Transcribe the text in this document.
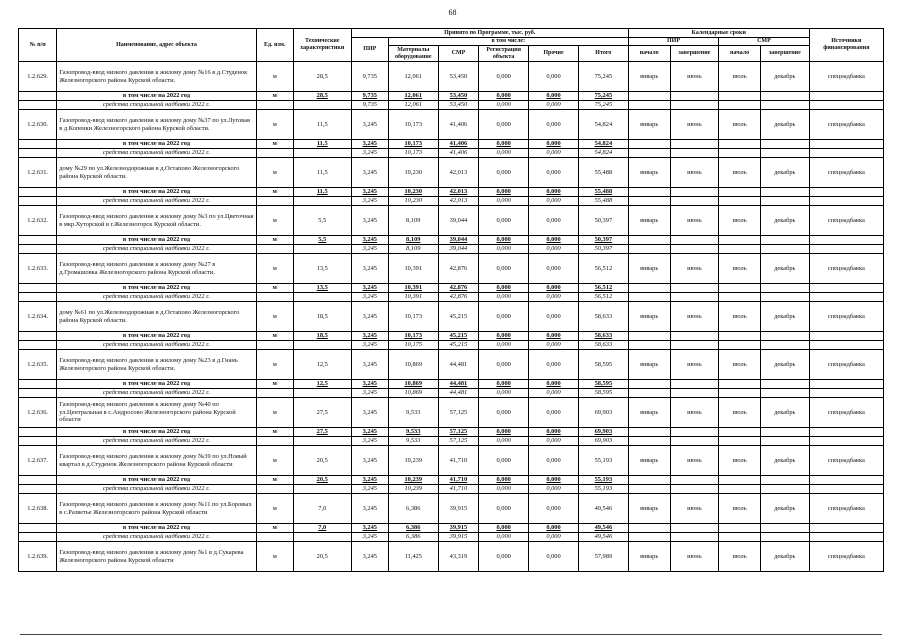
68
№ п/п	Наименование, адрес объекта	Ед. изм.	Технические характеристики	Принято по Программе, тыс. руб.						Календарные сроки				Источники финансирования
				ПИР	в том числе:					ПИР		СМР		
					Материалы оборудование	СМР	Регистрация объекта	Прочие	Итого	начало	завершение	начало	завершение	
1.2.629.	Газопровод-ввод низкого давления к жилому дому №16 в д.Студенок Железногорского района Курской области.	м	28,5	9,735	12,061	53,450	0,000	0,000	75,245	январь	июнь	июль	декабрь	спецнадбавка
	в том числе на 2022 год	м	28,5	9,735	12,061	53,450	0,000	0,000	75,245					
	средства специальной надбавки 2022 г.			9,735	12,061	53,450	0,000	0,000	75,245					
1.2.630.	Газопровод-ввод низкого давления к жилому дому №37 по ул.Луговая в д.Копенки Железногорского района Курской области.	м	11,5	3,245	10,173	41,406	0,000	0,000	54,824	январь	июнь	июль	декабрь	спецнадбавка
	в том числе на 2022 год	м	11,5	3,245	10,173	41,406	0,000	0,000	54,824					
	средства специальной надбавки 2022 г.			3,245	10,173	41,406	0,000	0,000	54,824					
1.2.631.	дому №29 по ул.Железнодорожная в д.Остапово Железногорского района Курской области.	м	11,5	3,245	10,230	42,013	0,000	0,000	55,488	январь	июнь	июль	декабрь	спецнадбавка
	в том числе на 2022 год	м	11,5	3,245	10,230	42,013	0,000	0,000	55,488					
	средства специальной надбавки 2022 г.			3,245	10,230	42,013	0,000	0,000	55,488					
1.2.632.	Газопровод-ввод низкого давления к жилому дому №3 по ул.Цветочная в мкр.Хуторской в г.Железногорск Курской области.	м	5,5	3,245	8,109	39,044	0,000	0,000	50,397	январь	июнь	июль	декабрь	спецнадбавка
	в том числе на 2022 год	м	5,5	3,245	8,109	39,044	0,000	0,000	50,397					
	средства специальной надбавки 2022 г.			3,245	8,109	39,044	0,000	0,000	50,397					
1.2.633.	Газопровод-ввод низкого давления к жилому дому №27 в д.Громашовка Железногорского района Курской области.	м	13,5	3,245	10,391	42,876	0,000	0,000	56,512	январь	июнь	июль	декабрь	спецнадбавка
	в том числе на 2022 год	м	13,5	3,245	10,391	42,876	0,000	0,000	56,512					
	средства специальной надбавки 2022 г.			3,245	10,391	42,876	0,000	0,000	56,512					
1.2.634.	дому №61 по ул.Железнодорожная в д.Остапово Железногорского района Курской области.	м	18,5	3,245	10,173	45,215	0,000	0,000	58,633	январь	июнь	июль	декабрь	спецнадбавка
	в том числе на 2022 год	м	18,5	3,245	10,173	45,215	0,000	0,000	58,633					
	средства специальной надбавки 2022 г.			3,245	10,175	45,215	0,000	0,000	58,633					
1.2.635.	Газопровод-ввод низкого давления к жилому дому №23 в д.Гнань Железногорского района Курской области.	м	12,5	3,245	10,869	44,481	0,000	0,000	58,595	январь	июнь	июль	декабрь	спецнадбавка
	в том числе на 2022 год	м	12,5	3,245	10,869	44,481	0,000	0,000	58,595					
	средства специальной надбавки 2022 г.			3,245	10,869	44,481	0,000	0,000	58,595					
1.2.636.	Газопровод-ввод низкого давления к жилому дому №40 по ул.Центральная в с.Андросово Железногорского района Курской области	м	27,5	3,245	9,533	57,125	0,000	0,000	69,903	январь	июнь	июль	декабрь	спецнадбавка
	в том числе на 2022 год	м	27,5	3,245	9,533	57,125	0,000	0,000	69,903					
	средства специальной надбавки 2022 г.			3,245	9,533	57,125	0,000	0,000	69,903					
1.2.637.	Газопровод-ввод низкого давления к жилому дому №39 по ул.Новый квартал в д.Студенок Железногорского района Курской области	м	20,5	3,245	10,239	41,710	0,000	0,000	55,193	январь	июнь	июль	декабрь	спецнадбавка
	в том числе на 2022 год	м	20,5	3,245	10,239	41,710	0,000	0,000	55,193					
	средства специальной надбавки 2022 г.			3,245	10,239	41,710	0,000	0,000	55,193					
1.2.638.	Газопровод-ввод низкого давления к жилому дому №11 по ул.Боровых в с.Разветье Железногорского района Курской области	м	7,0	3,245	6,386	39,915	0,000	0,000	49,546	январь	июнь	июль	декабрь	спецнадбавка
	в том числе на 2022 год	м	7,0	3,245	6,386	39,915	0,000	0,000	49,546					
	средства специальной надбавки 2022 г.			3,245	6,386	39,915	0,000	0,000	49,546					
1.2.639.	Газопровод-ввод низкого давления к жилому дому №1 в д.Сукарева Железногорского района Курской области	м	20,5	3,245	11,425	43,319	0,000	0,000	57,989	январь	июнь	июль	декабрь	спецнадбавка
